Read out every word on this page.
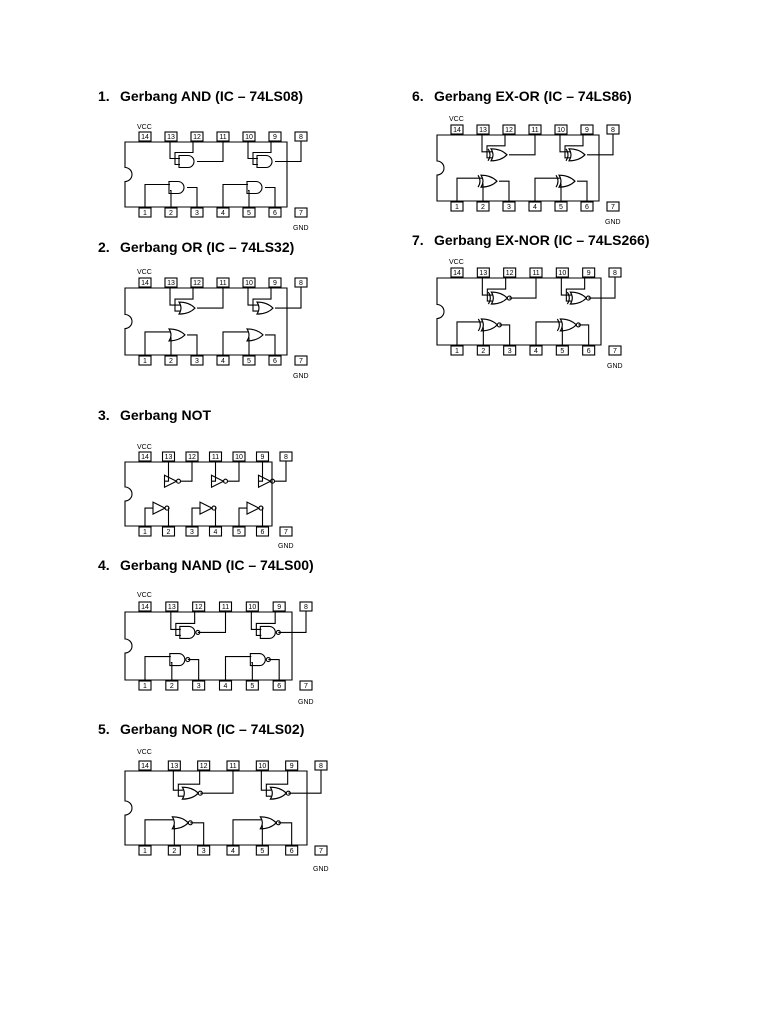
1. Gerbang AND (IC – 74LS08)
2. Gerbang OR (IC – 74LS32)
3. Gerbang NOT
4. Gerbang NAND (IC – 74LS00)
5. Gerbang NOR (IC – 74LS02)
6. Gerbang EX-OR (IC – 74LS86)
7. Gerbang EX-NOR (IC – 74LS266)
VCC
GND
14
1
13
2
12
3
11
4
10
5
9
6
8
7
VCC
GND
14
1
13
2
12
3
11
4
10
5
9
6
8
7
VCC
GND
14
1
13
2
12
3
11
4
10
5
9
6
8
7
VCC
GND
14
1
13
2
12
3
11
4
10
5
9
6
8
7
VCC
GND
14
1
13
2
12
3
11
4
10
5
9
6
8
7
VCC
GND
14
1
13
2
12
3
11
4
10
5
9
6
8
7
VCC
GND
14
1
13
2
12
3
11
4
10
5
9
6
8
7
